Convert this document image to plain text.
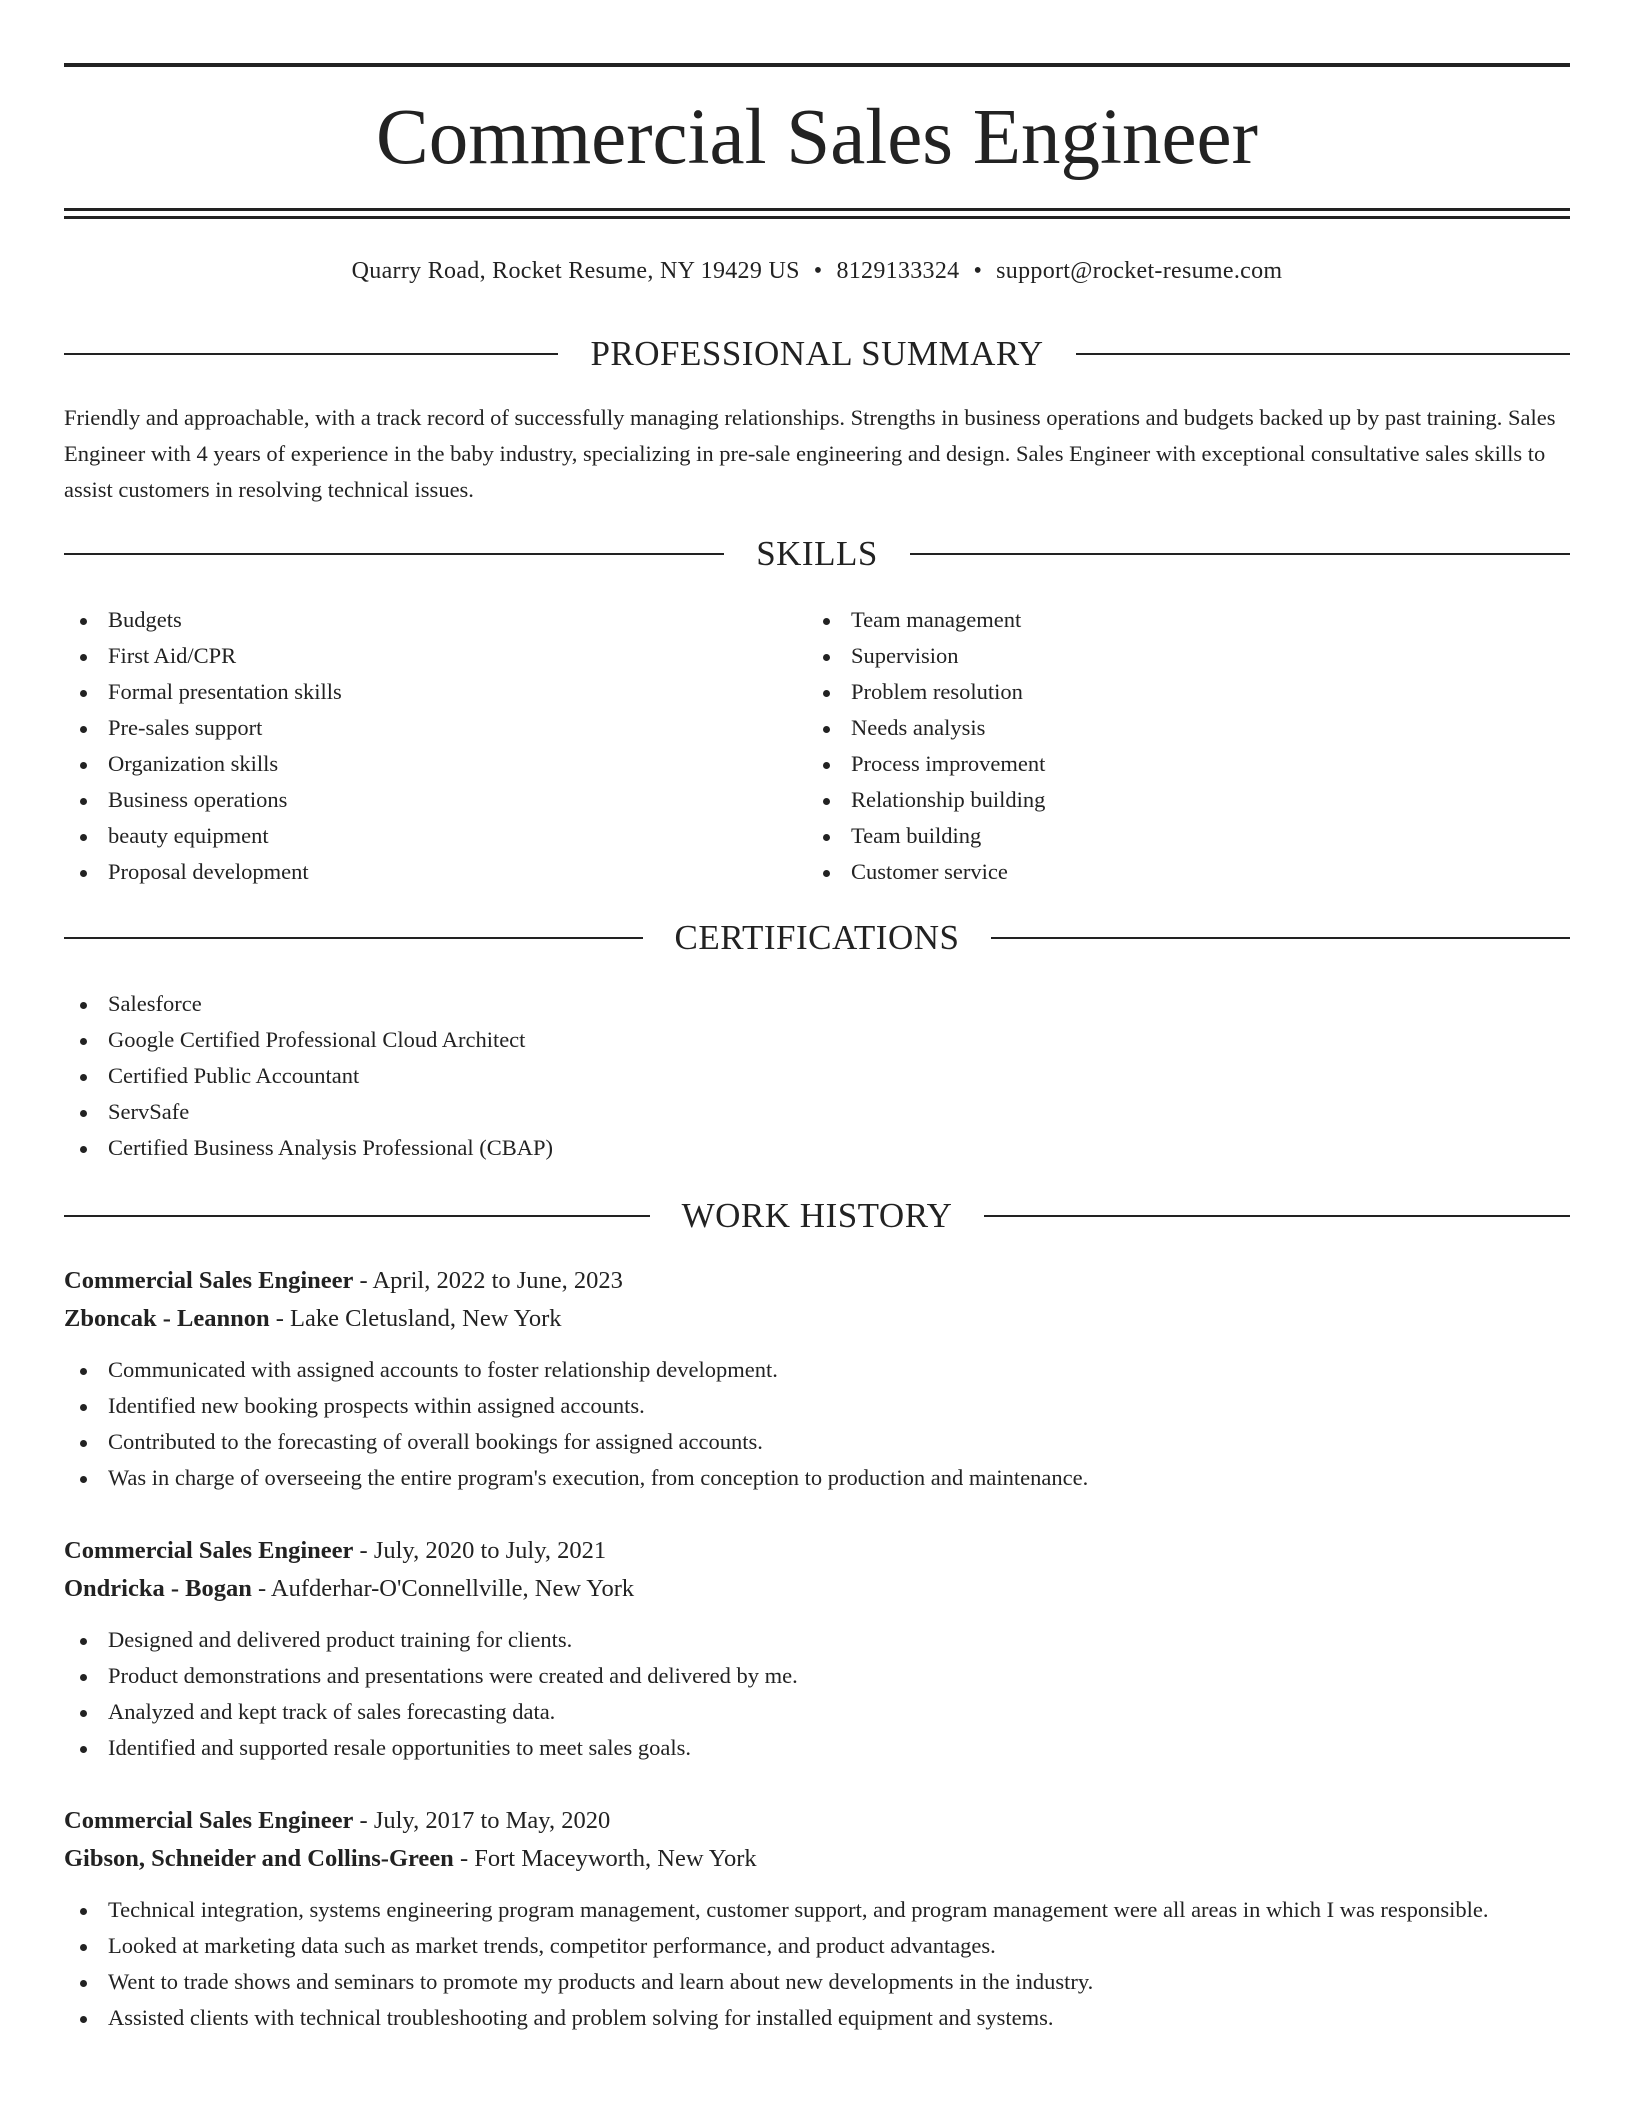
Commercial Sales Engineer
Quarry Road, Rocket Resume, NY 19429 US • 8129133324 • support@rocket-resume.com
PROFESSIONAL SUMMARY

Friendly and approachable, with a track record of successfully managing relationships. Strengths in business operations and budgets backed up by past training. Sales Engineer with 4 years of experience in the baby industry, specializing in pre-sale engineering and design. Sales Engineer with exceptional consultative sales skills to assist customers in resolving technical issues.

SKILLS
Budgets
First Aid/CPR
Formal presentation skills
Pre-sales support
Organization skills
Business operations
beauty equipment
Proposal development
Team management
Supervision
Problem resolution
Needs analysis
Process improvement
Relationship building
Team building
Customer service
CERTIFICATIONS
Salesforce
Google Certified Professional Cloud Architect
Certified Public Accountant
ServSafe
Certified Business Analysis Professional (CBAP)
WORK HISTORY
Commercial Sales Engineer - April, 2022 to June, 2023
Zboncak - Leannon - Lake Cletusland, New York
Communicated with assigned accounts to foster relationship development.
Identified new booking prospects within assigned accounts.
Contributed to the forecasting of overall bookings for assigned accounts.
Was in charge of overseeing the entire program's execution, from conception to production and maintenance.
Commercial Sales Engineer - July, 2020 to July, 2021
Ondricka - Bogan - Aufderhar-O'Connellville, New York
Designed and delivered product training for clients.
Product demonstrations and presentations were created and delivered by me.
Analyzed and kept track of sales forecasting data.
Identified and supported resale opportunities to meet sales goals.
Commercial Sales Engineer - July, 2017 to May, 2020
Gibson, Schneider and Collins-Green - Fort Maceyworth, New York
Technical integration, systems engineering program management, customer support, and program management were all areas in which I was responsible.
Looked at marketing data such as market trends, competitor performance, and product advantages.
Went to trade shows and seminars to promote my products and learn about new developments in the industry.
Assisted clients with technical troubleshooting and problem solving for installed equipment and systems.
